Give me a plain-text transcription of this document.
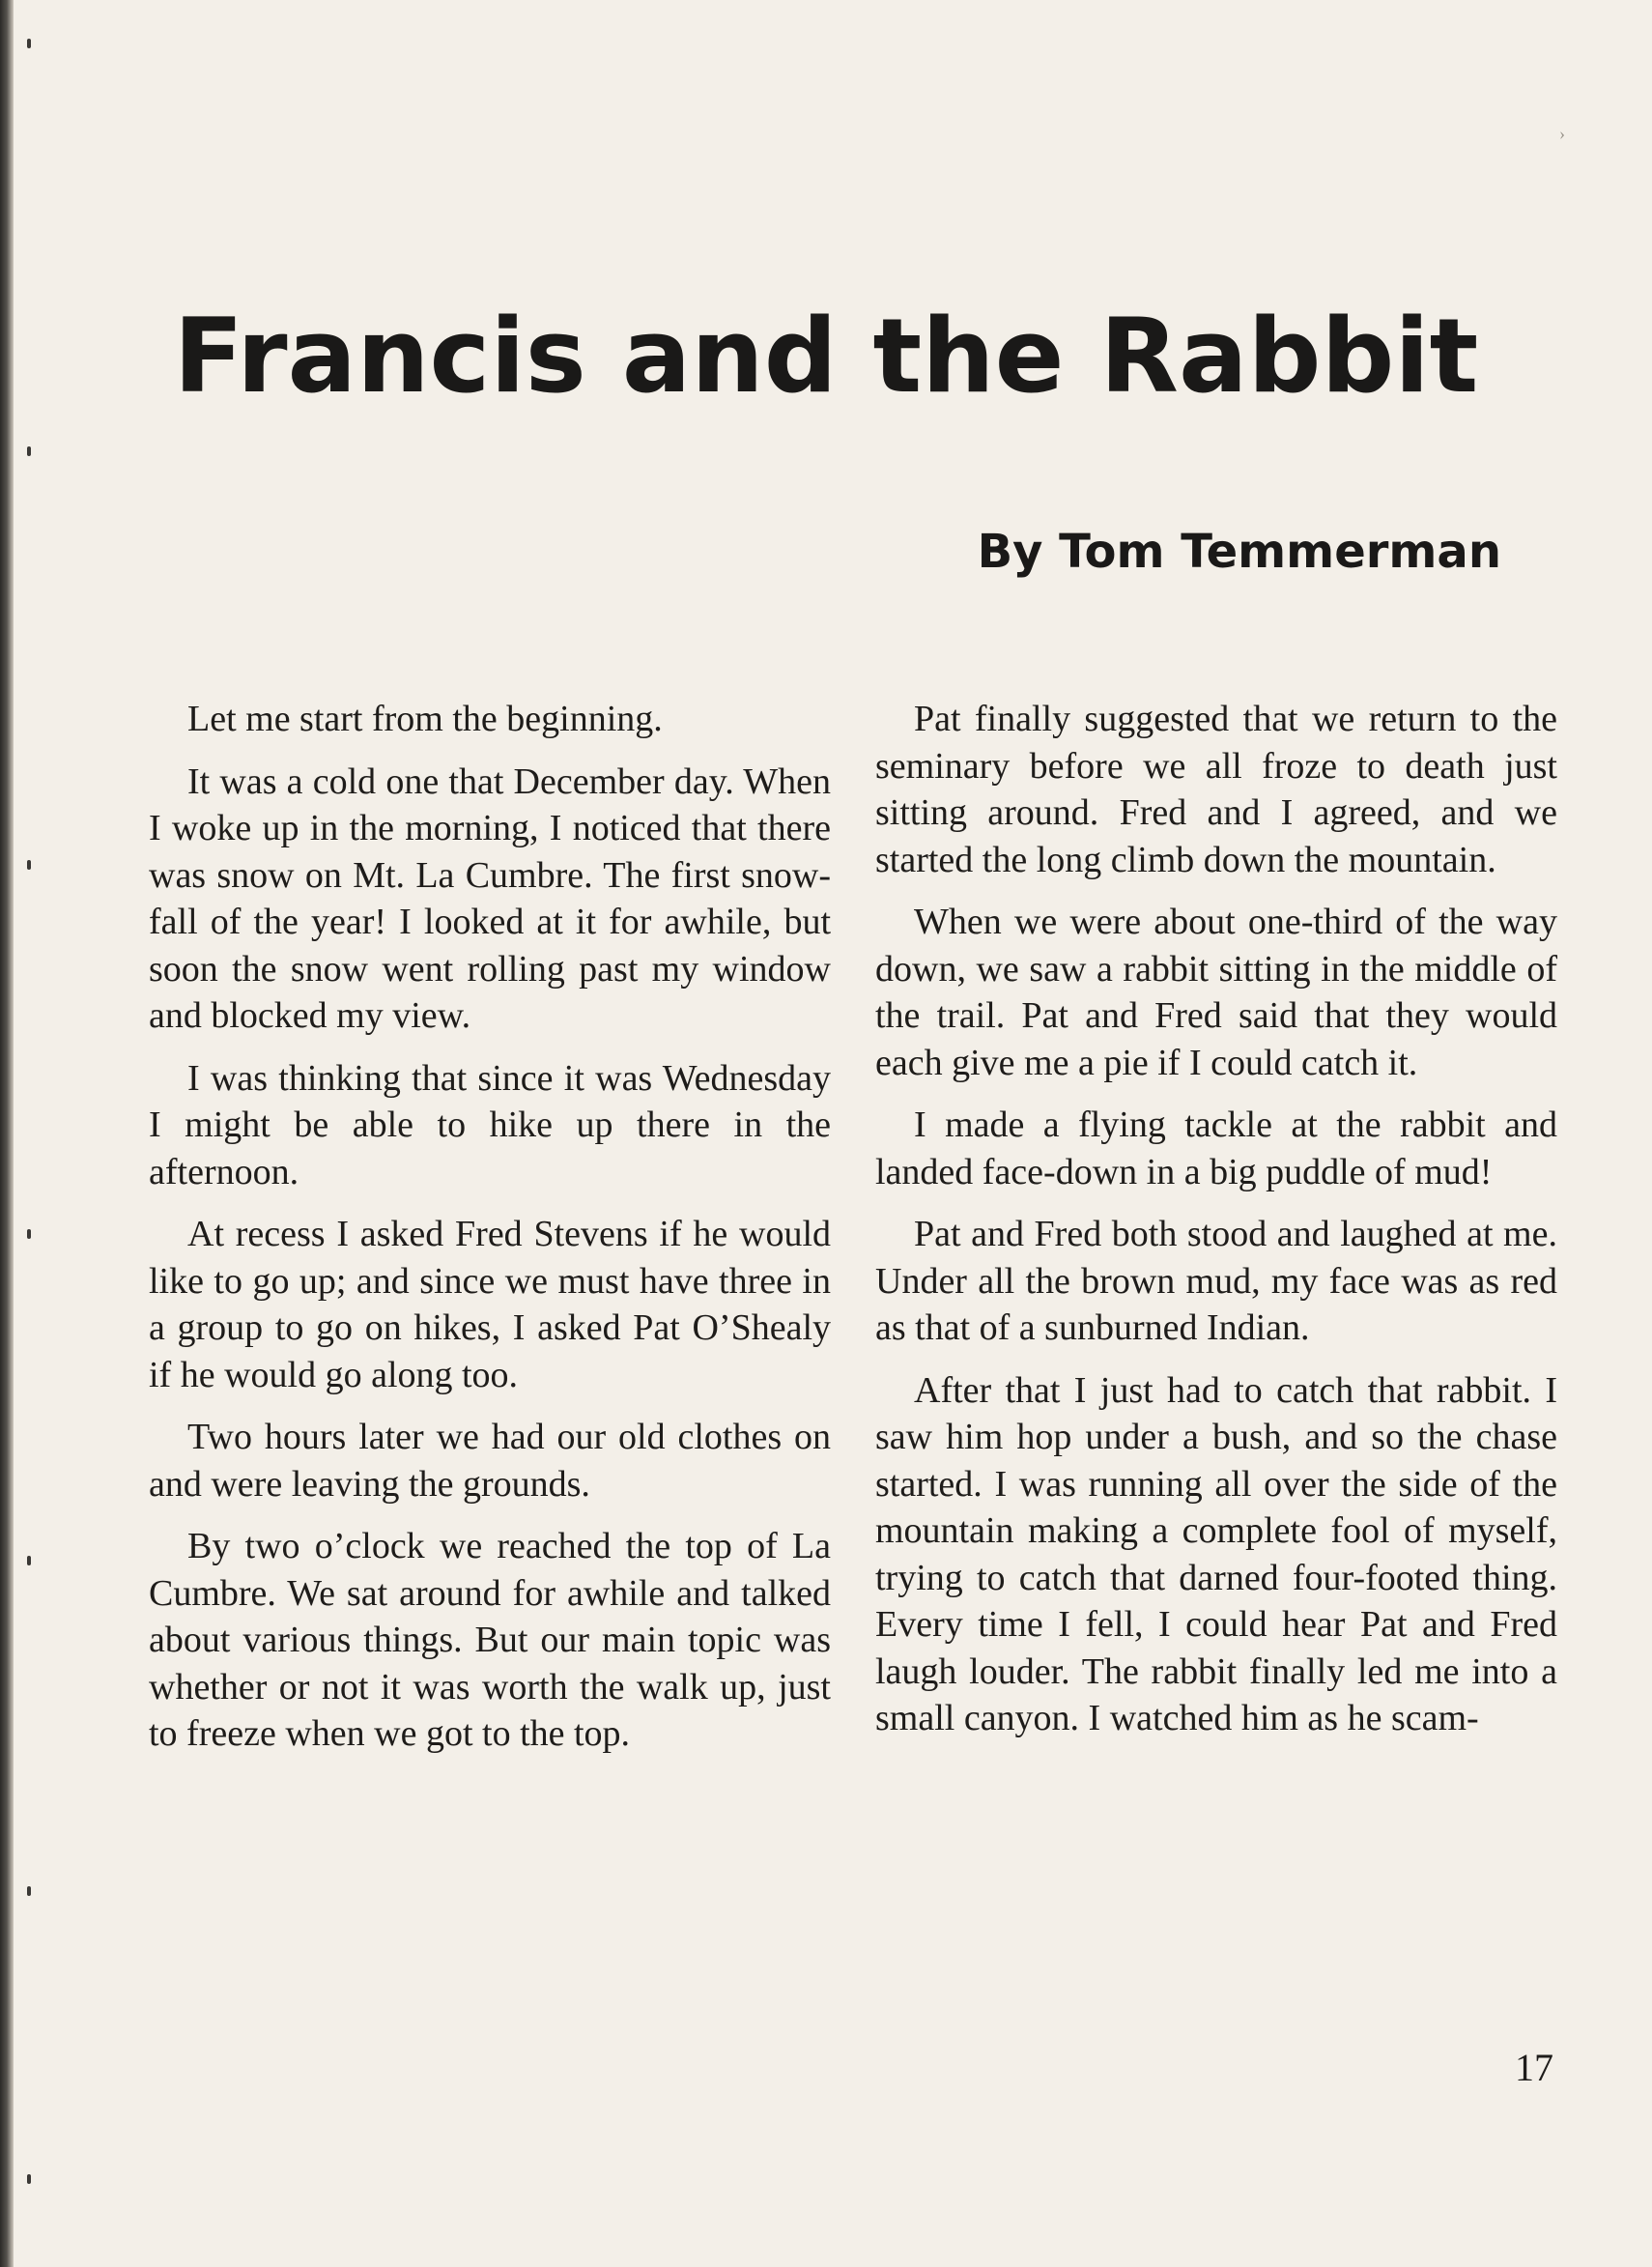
›
Francis and the Rabbit
By Tom Temmerman

Let me start from the beginning.

It was a cold one that December day. When I woke up in the morning, I noticed that there was snow on Mt. La Cumbre. The first snowfall of the year! I looked at it for awhile, but soon the snow went rolling past my window and blocked my view.

I was thinking that since it was Wednesday I might be able to hike up there in the afternoon.

At recess I asked Fred Stevens if he would like to go up; and since we must have three in a group to go on hikes, I asked Pat O’Shealy if he would go along too.

Two hours later we had our old clothes on and were leaving the grounds.

By two o’clock we reached the top of La Cumbre. We sat around for awhile and talked about various things. But our main topic was whether or not it was worth the walk up, just to freeze when we got to the top.

Pat finally suggested that we return to the seminary before we all froze to death just sitting around. Fred and I agreed, and we started the long climb down the mountain.

When we were about one-third of the way down, we saw a rabbit sitting in the middle of the trail. Pat and Fred said that they would each give me a pie if I could catch it.

I made a flying tackle at the rabbit and landed face-down in a big puddle of mud!

Pat and Fred both stood and laughed at me. Under all the brown mud, my face was as red as that of a sunburned Indian.

After that I just had to catch that rabbit. I saw him hop under a bush, and so the chase started. I was running all over the side of the mountain making a complete fool of myself, trying to catch that darned four-footed thing. Every time I fell, I could hear Pat and Fred laugh louder. The rabbit finally led me into a small canyon. I watched him as he scam-

17
